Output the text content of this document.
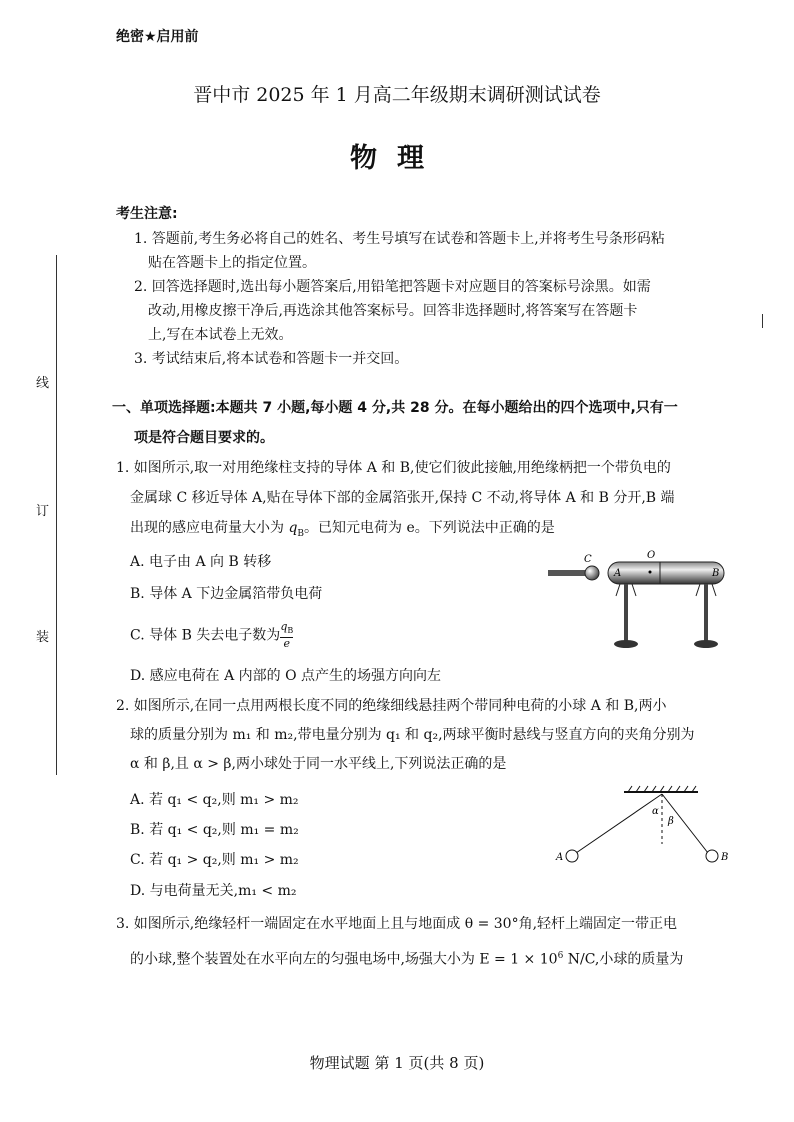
绝密★启用前
晋中市 2025 年 1 月高二年级期末调研测试试卷
物理
线
订
装
考生注意:
1. 答题前,考生务必将自己的姓名、考生号填写在试卷和答题卡上,并将考生号条形码粘
贴在答题卡上的指定位置。
2. 回答选择题时,选出每小题答案后,用铅笔把答题卡对应题目的答案标号涂黑。如需
改动,用橡皮擦干净后,再选涂其他答案标号。回答非选择题时,将答案写在答题卡
上,写在本试卷上无效。
3. 考试结束后,将本试卷和答题卡一并交回。
一、单项选择题:本题共 7 小题,每小题 4 分,共 28 分。在每小题给出的四个选项中,只有一
项是符合题目要求的。
1. 如图所示,取一对用绝缘柱支持的导体 A 和 B,使它们彼此接触,用绝缘柄把一个带负电的
金属球 C 移近导体 A,贴在导体下部的金属箔张开,保持 C 不动,将导体 A 和 B 分开,B 端
出现的感应电荷量大小为 $q_B$。已知元电荷为 e。下列说法中正确的是
A. 电子由 A 向 B 转移
B. 导体 A 下边金属箔带负电荷
C. 导体 B 失去电子数为 $\frac{q_B}{e}$
D. 感应电荷在 A 内部的 O 点产生的场强方向向左
C	O
A	B
2. 如图所示,在同一点用两根长度不同的绝缘细线悬挂两个带同种电荷的小球 A 和 B,两小
球的质量分别为 m₁ 和 m₂,带电量分别为 q₁ 和 q₂,两球平衡时悬线与竖直方向的夹角分别为
α 和 β,且 α > β,两小球处于同一水平线上,下列说法正确的是
A. 若 q₁ < q₂,则 m₁ > m₂
B. 若 q₁ < q₂,则 m₁ = m₂
C. 若 q₁ > q₂,则 m₁ > m₂
D. 与电荷量无关,m₁ < m₂
A	B
α
β
3. 如图所示,绝缘轻杆一端固定在水平地面上且与地面成 θ = 30°角,轻杆上端固定一带正电
的小球,整个装置处在水平向左的匀强电场中,场强大小为 $E = 1 \times 10^6$ N/C,小球的质量为
物理试题 第 1 页(共 8 页)
